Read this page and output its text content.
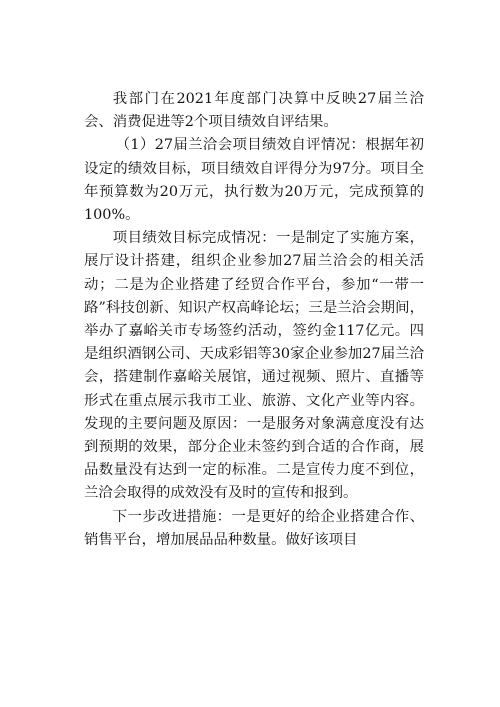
我部门在2021年度部门决算中反映27届兰洽会、消费促进等2个项目绩效自评结果。

（1）27届兰洽会项目绩效自评情况：根据年初设定的绩效目标，项目绩效自评得分为97分。项目全年预算数为20万元，执行数为20万元，完成预算的100%。

项目绩效目标完成情况：一是制定了实施方案，展厅设计搭建，组织企业参加27届兰洽会的相关活动；二是为企业搭建了经贸合作平台，参加“一带一路”科技创新、知识产权高峰论坛；三是兰洽会期间，举办了嘉峪关市专场签约活动，签约金117亿元。四是组织酒钢公司、天成彩铝等30家企业参加27届兰洽会，搭建制作嘉峪关展馆，通过视频、照片、直播等形式在重点展示我市工业、旅游、文化产业等内容。发现的主要问题及原因：一是服务对象满意度没有达到预期的效果，部分企业未签约到合适的合作商，展品数量没有达到一定的标准。二是宣传力度不到位，兰洽会取得的成效没有及时的宣传和报到。

下一步改进措施：一是更好的给企业搭建合作、销售平台，增加展品品种数量。做好该项目
